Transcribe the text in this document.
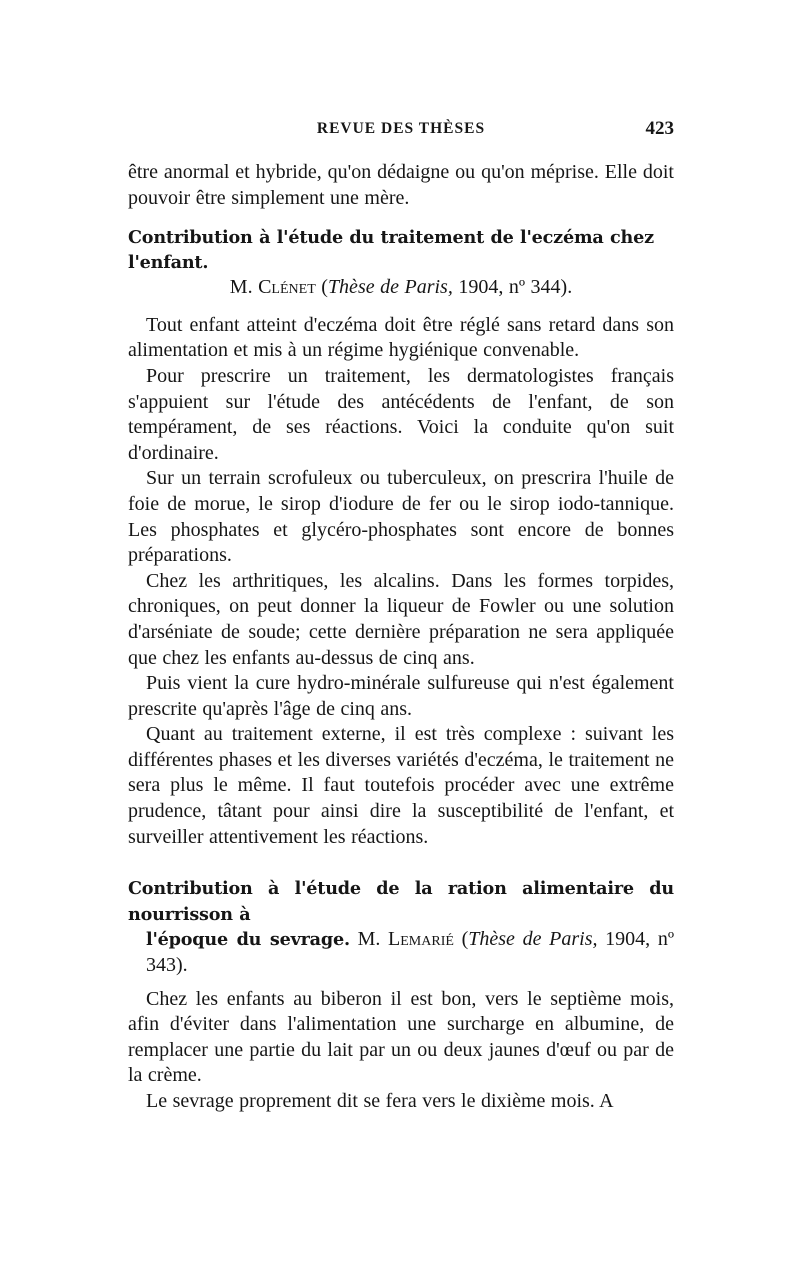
REVUE DES THÈSES	423

être anormal et hybride, qu'on dédaigne ou qu'on méprise. Elle doit pouvoir être simplement une mère.

Contribution à l'étude du traitement de l'eczéma chez l'enfant.

M. Clénet (Thèse de Paris, 1904, nº 344).

Tout enfant atteint d'eczéma doit être réglé sans retard dans son alimentation et mis à un régime hygiénique convenable.

Pour prescrire un traitement, les dermatologistes français s'appuient sur l'étude des antécédents de l'enfant, de son tempérament, de ses réactions. Voici la conduite qu'on suit d'ordinaire.

Sur un terrain scrofuleux ou tuberculeux, on prescrira l'huile de foie de morue, le sirop d'iodure de fer ou le sirop iodo-tannique. Les phosphates et glycéro-phosphates sont encore de bonnes préparations.

Chez les arthritiques, les alcalins. Dans les formes torpides, chroniques, on peut donner la liqueur de Fowler ou une solution d'arséniate de soude; cette dernière préparation ne sera appliquée que chez les enfants au-dessus de cinq ans.

Puis vient la cure hydro-minérale sulfureuse qui n'est également prescrite qu'après l'âge de cinq ans.

Quant au traitement externe, il est très complexe : suivant les différentes phases et les diverses variétés d'eczéma, le traitement ne sera plus le même. Il faut toutefois procéder avec une extrême prudence, tâtant pour ainsi dire la susceptibilité de l'enfant, et surveiller attentivement les réactions.

Contribution à l'étude de la ration alimentaire du nourrisson à

l'époque du sevrage. M. Lemarié (Thèse de Paris, 1904, nº 343).

Chez les enfants au biberon il est bon, vers le septième mois, afin d'éviter dans l'alimentation une surcharge en albumine, de remplacer une partie du lait par un ou deux jaunes d'œuf ou par de la crème.

Le sevrage proprement dit se fera vers le dixième mois. A
